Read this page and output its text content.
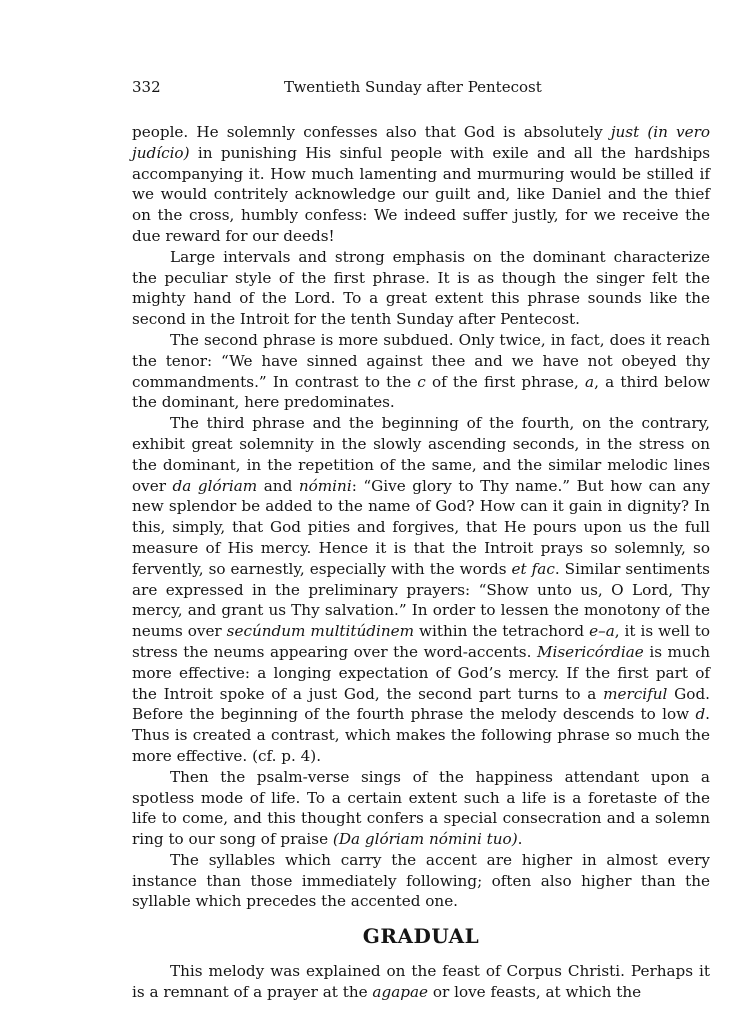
332	Twentieth Sunday after Pentecost

people. He solemnly confesses also that God is absolutely just (in vero judício) in punishing His sinful people with exile and all the hardships accompanying it. How much lamenting and murmuring would be stilled if we would contritely acknowledge our guilt and, like Daniel and the thief on the cross, humbly confess: We indeed suffer justly, for we receive the due reward for our deeds!

Large intervals and strong emphasis on the dominant characterize the peculiar style of the first phrase. It is as though the singer felt the mighty hand of the Lord. To a great extent this phrase sounds like the second in the Introit for the tenth Sunday after Pentecost.

The second phrase is more subdued. Only twice, in fact, does it reach the tenor: “We have sinned against thee and we have not obeyed thy commandments.” In contrast to the c of the first phrase, a, a third below the dominant, here predominates.

The third phrase and the beginning of the fourth, on the contrary, exhibit great solemnity in the slowly ascending seconds, in the stress on the dominant, in the repetition of the same, and the similar melodic lines over da glóriam and nómini: “Give glory to Thy name.” But how can any new splendor be added to the name of God? How can it gain in dignity? In this, simply, that God pities and forgives, that He pours upon us the full measure of His mercy. Hence it is that the Introit prays so solemnly, so fervently, so earnestly, especially with the words et fac. Similar sentiments are expressed in the preliminary prayers: “Show unto us, O Lord, Thy mercy, and grant us Thy salvation.” In order to lessen the monotony of the neums over secúndum multitúdinem within the tetrachord e–a, it is well to stress the neums appearing over the word-accents. Misericórdiae is much more effective: a longing expectation of God’s mercy. If the first part of the Introit spoke of a just God, the second part turns to a merciful God. Before the beginning of the fourth phrase the melody descends to low d. Thus is created a contrast, which makes the following phrase so much the more effective. (cf. p. 4).

Then the psalm-verse sings of the happiness attendant upon a spotless mode of life. To a certain extent such a life is a foretaste of the life to come, and this thought confers a special consecration and a solemn ring to our song of praise (Da glóriam nómini tuo).

The syllables which carry the accent are higher in almost every instance than those immediately following; often also higher than the syllable which precedes the accented one.

GRADUAL

This melody was explained on the feast of Corpus Christi. Perhaps it is a remnant of a prayer at the agapae or love feasts, at which the
